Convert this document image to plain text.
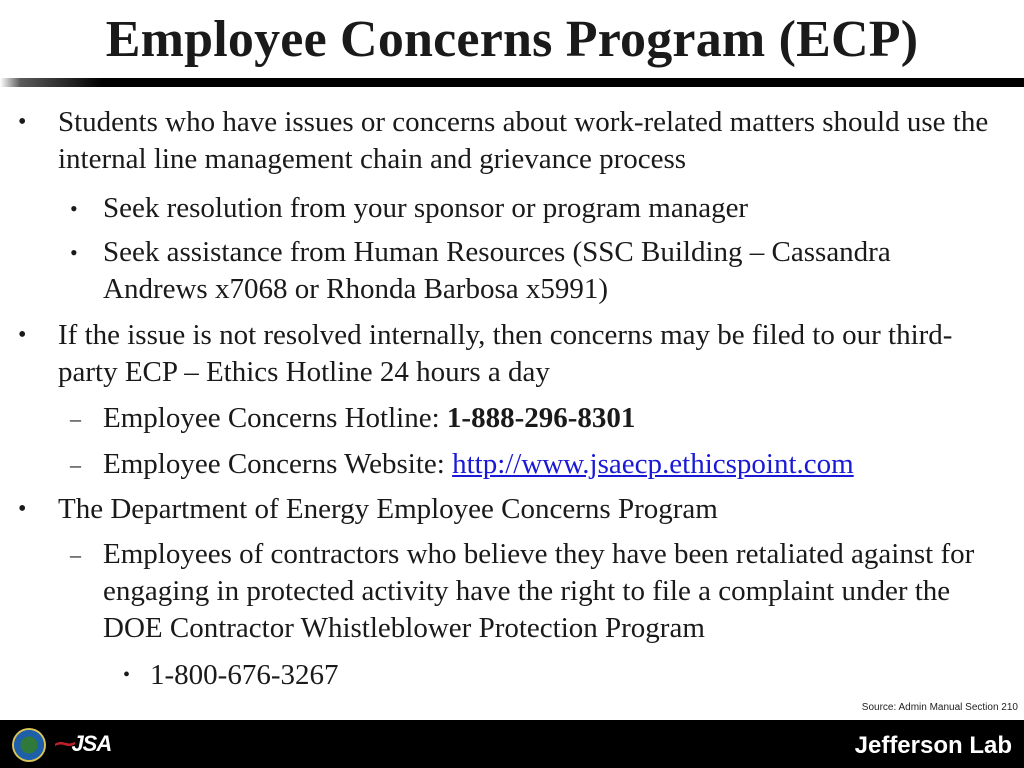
Employee Concerns Program (ECP)
• Students who have issues or concerns about work-related matters should use the internal line management chain and grievance process
• Seek resolution from your sponsor or program manager
• Seek assistance from Human Resources (SSC Building – Cassandra Andrews x7068 or Rhonda Barbosa x5991)
• If the issue is not resolved internally, then concerns may be filed to our third-party ECP – Ethics Hotline 24 hours a day
– Employee Concerns Hotline: 1-888-296-8301
– Employee Concerns Website: http://www.jsaecp.ethicspoint.com
• The Department of Energy Employee Concerns Program
– Employees of contractors who believe they have been retaliated against for engaging in protected activity have the right to file a complaint under the DOE Contractor Whistleblower Protection Program
• 1-800-676-3267
Source: Admin Manual Section 210
⁓JSA	Jefferson Lab
